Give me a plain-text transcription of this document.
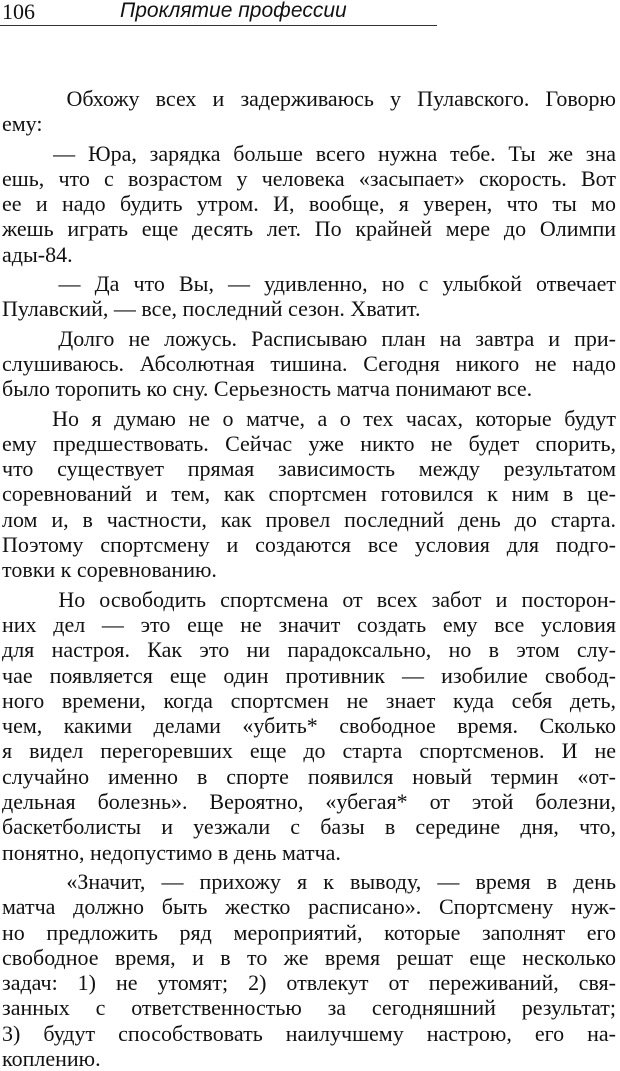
106	Проклятие профессии
Обхожу всех и задерживаюсь у Пулавского. Говорю
ему:
— Юра, зарядка больше всего нужна тебе. Ты же зна
ешь, что с возрастом у человека «засыпает» скорость. Вот
ее и надо будить утром. И, вообще, я уверен, что ты мо
жешь играть еще десять лет. По крайней мере до Олимпи
ады-84.
— Да что Вы, — удивленно, но с улыбкой отвечает
Пулавский, — все, последний сезон. Хватит.
Долго не ложусь. Расписываю план на завтра и при-
слушиваюсь. Абсолютная тишина. Сегодня никого не надо
было торопить ко сну. Серьезность матча понимают все.
Но я думаю не о матче, а о тех часах, которые будут
ему предшествовать. Сейчас уже никто не будет спорить,
что существует прямая зависимость между результатом
соревнований и тем, как спортсмен готовился к ним в це-
лом и, в частности, как провел последний день до старта.
Поэтому спортсмену и создаются все условия для подго-
товки к соревнованию.
Но освободить спортсмена от всех забот и посторон-
них дел — это еще не значит создать ему все условия
для настроя. Как это ни парадоксально, но в этом слу-
чае появляется еще один противник — изобилие свобод-
ного времени, когда спортсмен не знает куда себя деть,
чем, какими делами «убить* свободное время. Сколько
я видел перегоревших еще до старта спортсменов. И не
случайно именно в спорте появился новый термин «от-
дельная болезнь». Вероятно, «убегая* от этой болезни,
баскетболисты и уезжали с базы в середине дня, что,
понятно, недопустимо в день матча.
«Значит, — прихожу я к выводу, — время в день
матча должно быть жестко расписано». Спортсмену нуж-
но предложить ряд мероприятий, которые заполнят его
свободное время, и в то же время решат еще несколько
задач: 1) не утомят; 2) отвлекут от переживаний, свя-
занных с ответственностью за сегодняшний результат;
3) будут способствовать наилучшему настрою, его на-
коплению.
